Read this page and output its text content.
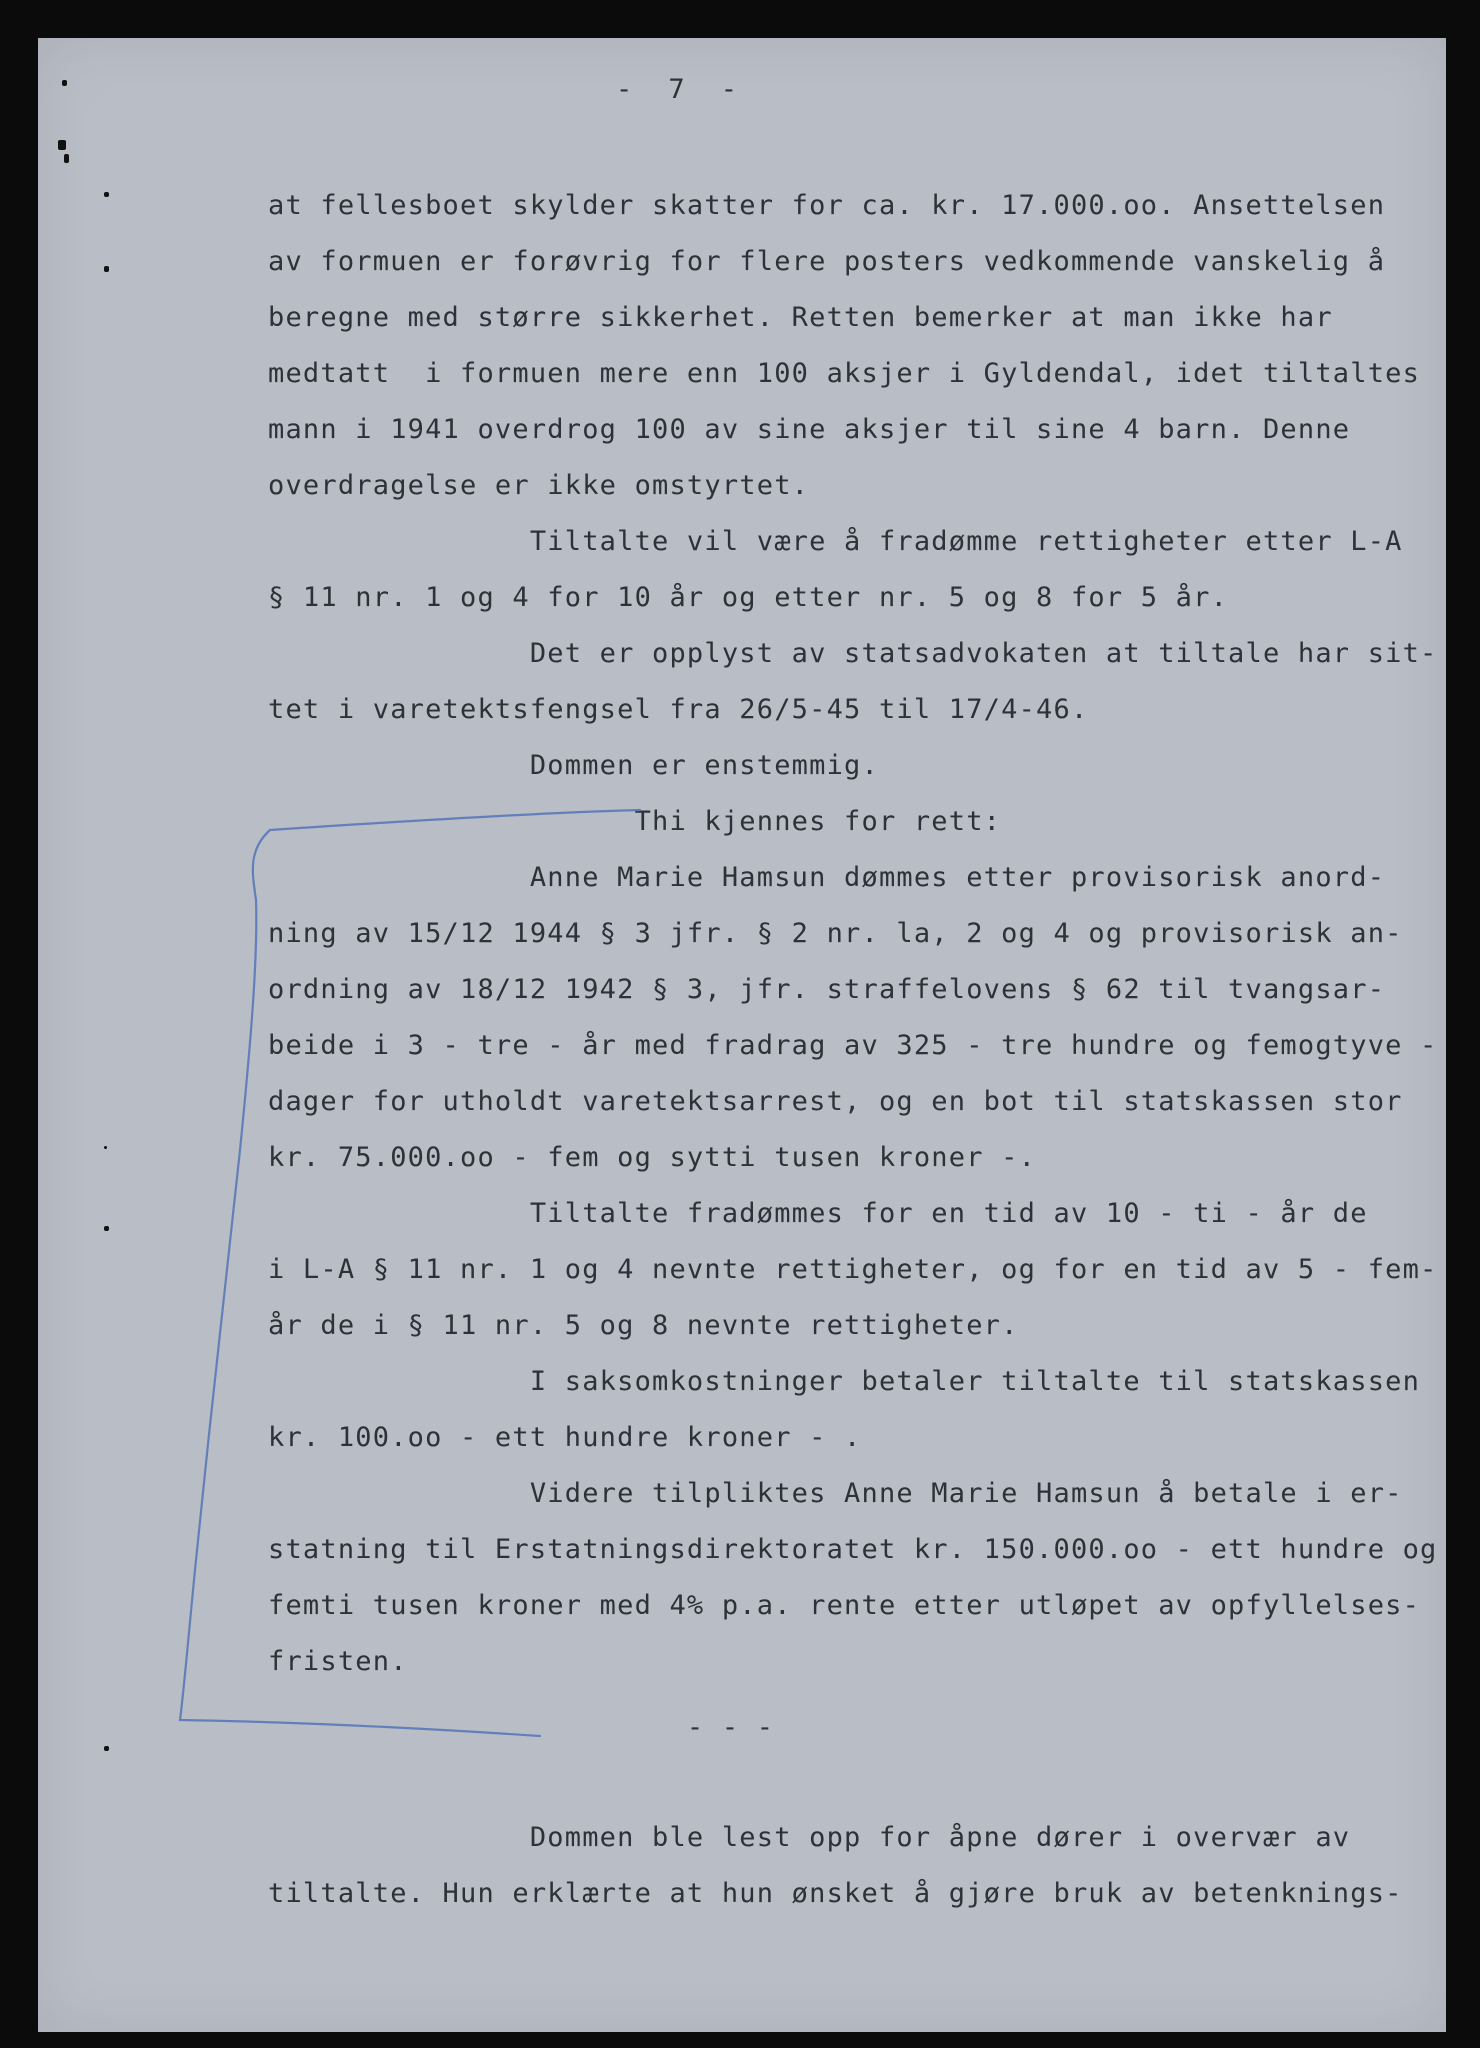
-  7  -

at fellesboet skylder skatter for ca. kr. 17.000.oo. Ansettelsen

av formuen er forøvrig for flere posters vedkommende vanskelig å

beregne med større sikkerhet. Retten bemerker at man ikke har

medtatt  i formuen mere enn 100 aksjer i Gyldendal, idet tiltaltes

mann i 1941 overdrog 100 av sine aksjer til sine 4 barn. Denne

overdragelse er ikke omstyrtet.

Tiltalte vil være å fradømme rettigheter etter L-A

§ 11 nr. 1 og 4 for 10 år og etter nr. 5 og 8 for 5 år.

Det er opplyst av statsadvokaten at tiltale har sit-

tet i varetektsfengsel fra 26/5-45 til 17/4-46.

Dommen er enstemmig.

Thi kjennes for rett:

Anne Marie Hamsun dømmes etter provisorisk anord-

ning av 15/12 1944 § 3 jfr. § 2 nr. la, 2 og 4 og provisorisk an-

ordning av 18/12 1942 § 3, jfr. straffelovens § 62 til tvangsar-

beide i 3 - tre - år med fradrag av 325 - tre hundre og femogtyve -

dager for utholdt varetektsarrest, og en bot til statskassen stor

kr. 75.000.oo - fem og sytti tusen kroner -.

Tiltalte fradømmes for en tid av 10 - ti - år de

i L-A § 11 nr. 1 og 4 nevnte rettigheter, og for en tid av 5 - fem-

år de i § 11 nr. 5 og 8 nevnte rettigheter.

I saksomkostninger betaler tiltalte til statskassen

kr. 100.oo - ett hundre kroner - .

Videre tilpliktes Anne Marie Hamsun å betale i er-

statning til Erstatningsdirektoratet kr. 150.000.oo - ett hundre og

femti tusen kroner med 4% p.a. rente etter utløpet av opfyllelses-

fristen.

- - -

Dommen ble lest opp for åpne dører i overvær av

tiltalte. Hun erklærte at hun ønsket å gjøre bruk av betenknings-
